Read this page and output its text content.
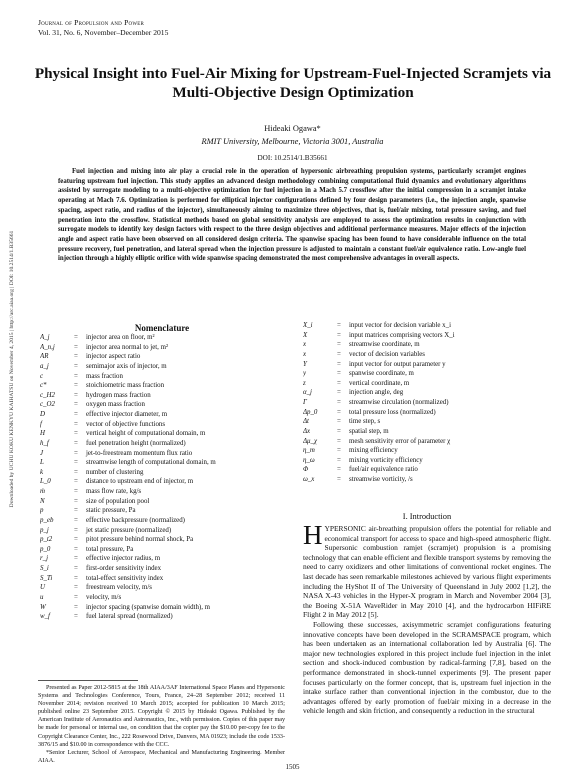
Journal of Propulsion and Power
Vol. 31, No. 6, November–December 2015
Downloaded by UCHU KOKU KENKYU KAIHATSU on November 4, 2015 | http://arc.aiaa.org | DOI: 10.2514/1.B35661
Physical Insight into Fuel-Air Mixing for Upstream-Fuel-Injected Scramjets via Multi-Objective Design Optimization
Hideaki Ogawa*
RMIT University, Melbourne, Victoria 3001, Australia
DOI: 10.2514/1.B35661

Fuel injection and mixing into air play a crucial role in the operation of hypersonic airbreathing propulsion systems, particularly scramjet engines featuring upstream fuel injection. This study applies an advanced design methodology combining computational fluid dynamics and evolutionary algorithms assisted by surrogate modeling to a multi-objective optimization for fuel injection in a Mach 5.7 crossflow after the initial compression in a scramjet intake operating at Mach 7.6. Optimization is performed for elliptical injector configurations defined by four design parameters (i.e., the injection angle, spanwise spacing, aspect ratio, and radius of the injector), simultaneously aiming to maximize three objectives, that is, fuel/air mixing, total pressure saving, and fuel penetration into the crossflow. Statistical methods based on global sensitivity analysis are employed to assess the optimization results in conjunction with surrogate models to identify key design factors with respect to the three design objectives and additional performance measures. Major effects of the injection angle and aspect ratio have been observed on all considered design criteria. The spanwise spacing has been found to have considerable influence on the total pressure recovery, fuel penetration, and lateral spread when the injection pressure is adjusted to maintain a constant fuel/air equivalence ratio. Low-angle fuel injection through a highly elliptic orifice with wide spanwise spacing demonstrated the most comprehensive advantages in overall aspects.

Nomenclature
A_j	= injector area on floor, m²
A_n,j	= injector area normal to jet, m²
AR	= injector aspect ratio
a_j	= semimajor axis of injector, m
c	= mass fraction
c*	= stoichiometric mass fraction
c_H2	= hydrogen mass fraction
c_O2	= oxygen mass fraction
D	= effective injector diameter, m
f	= vector of objective functions
H	= vertical height of computational domain, m
h_f	= fuel penetration height (normalized)
J	= jet-to-freestream momentum flux ratio
L	= streamwise length of computational domain, m
k	= number of clustering
L_0	= distance to upstream end of injector, m
ṁ	= mass flow rate, kg/s
N	= size of population pool
p	= static pressure, Pa
p_eb	= effective backpressure (normalized)
p_j	= jet static pressure (normalized)
p_t2	= pitot pressure behind normal shock, Pa
p_0	= total pressure, Pa
r_j	= effective injector radius, m
S_i	= first-order sensitivity index
S_Ti	= total-effect sensitivity index
U	= freestream velocity, m/s
u	= velocity, m/s
W	= injector spacing (spanwise domain width), m
w_f	= fuel lateral spread (normalized)
X_i	= input vector for decision variable x_i
X	= input matrices comprising vectors X_i
x	= streamwise coordinate, m
x	= vector of decision variables
Y	= input vector for output parameter y
y	= spanwise coordinate, m
z	= vertical coordinate, m
α_j	= injection angle, deg
Γ	= streamwise circulation (normalized)
Δp_0	= total pressure loss (normalized)
Δt	= time step, s
Δx	= spatial step, m
Δμ_χ	= mesh sensitivity error of parameter χ
η_m	= mixing efficiency
η_ω	= mixing vorticity efficiency
Φ	= fuel/air equivalence ratio
ω_x	= streamwise vorticity, /s

Presented as Paper 2012-5815 at the 18th AIAA/3AF International Space Planes and Hypersonic Systems and Technologies Conference, Tours, France, 24–28 September 2012; received 11 November 2014; revision received 10 March 2015; accepted for publication 10 March 2015; published online 23 September 2015. Copyright © 2015 by Hideaki Ogawa. Published by the American Institute of Aeronautics and Astronautics, Inc., with permission. Copies of this paper may be made for personal or internal use, on condition that the copier pay the $10.00 per-copy fee to the Copyright Clearance Center, Inc., 222 Rosewood Drive, Danvers, MA 01923; include the code 1533-3876/15 and $10.00 in correspondence with the CCC.

*Senior Lecturer, School of Aerospace, Mechanical and Manufacturing Engineering. Member AIAA.

I. Introduction

HYPERSONIC air-breathing propulsion offers the potential for reliable and economical transport for access to space and high-speed atmospheric flight. Supersonic combustion ramjet (scramjet) propulsion is a promising technology that can enable efficient and flexible transport systems by removing the need to carry oxidizers and other limitations of conventional rocket engines. The last decade has seen remarkable milestones achieved by various flight experiments including the HyShot II of The University of Queensland in July 2002 [1,2], the NASA X-43 vehicles in the Hyper-X program in March and November 2004 [3], the Boeing X-51A WaveRider in May 2010 [4], and the hydrocarbon HIFiRE Flight 2 in May 2012 [5].

Following these successes, axisymmetric scramjet configurations featuring innovative concepts have been developed in the SCRAMSPACE program, which has been undertaken as an international collaboration led by Australia [6]. The major new technologies explored in this project include fuel injection in the inlet section and shock-induced combustion by radical-farming [7,8], based on the performance demonstrated in shock-tunnel experiments [9]. The present paper focuses particularly on the former concept, that is, upstream fuel injection in the intake surface rather than conventional injection in the combustor, due to the advantages offered by early promotion of fuel/air mixing in a decrease in the vehicle length and skin friction, and consequently a reduction in the structural

1505
